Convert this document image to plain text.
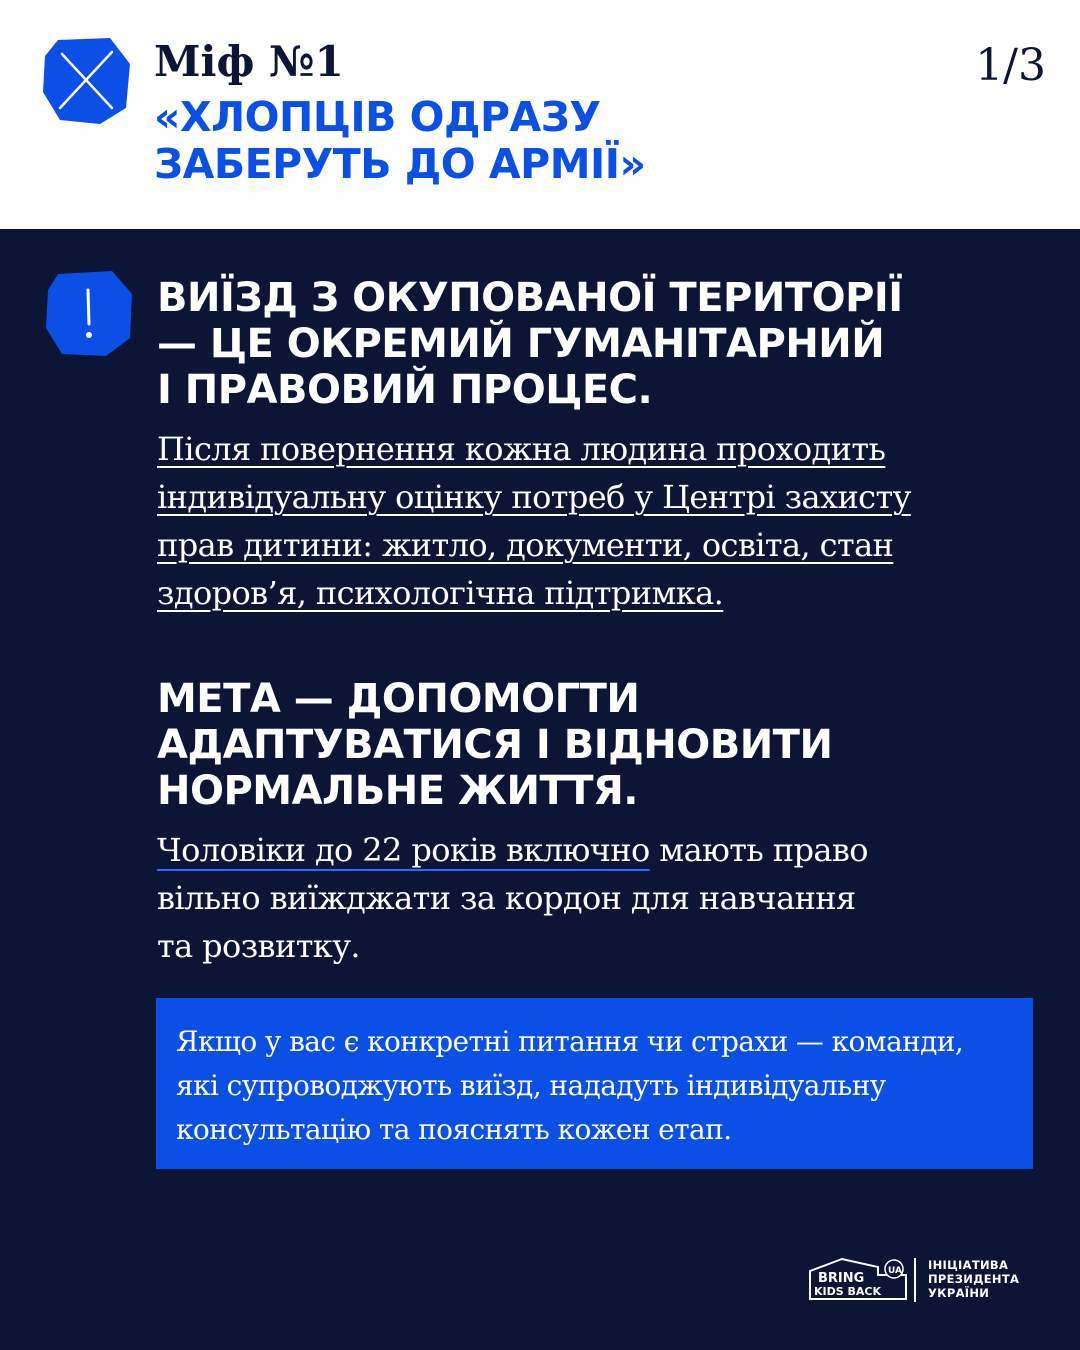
Міф №1	1/3
«ХЛОПЦІВ ОДРАЗУ
ЗАБЕРУТЬ ДО АРМІЇ»
ВИЇЗД З ОКУПОВАНОЇ ТЕРИТОРІЇ
— ЦЕ ОКРЕМИЙ ГУМАНІТАРНИЙ
І ПРАВОВИЙ ПРОЦЕС.

Після повернення кожна людина проходить
індивідуальну оцінку потреб у Центрі захисту
прав дитини: житло, документи, освіта, стан
здоров’я, психологічна підтримка.

МЕТА — ДОПОМОГТИ
АДАПТУВАТИСЯ І ВІДНОВИТИ
НОРМАЛЬНЕ ЖИТТЯ.

Чоловіки до 22 років включно мають право
вільно виїжджати за кордон для навчання
та розвитку.

Якщо у вас є конкретні питання чи страхи — команди,
які супроводжують виїзд, нададуть індивідуальну
консультацію та пояснять кожен етап.

BRING
KIDS BACK
UA ІНІЦІАТИВА
ПРЕЗИДЕНТА
УКРАЇНИ
